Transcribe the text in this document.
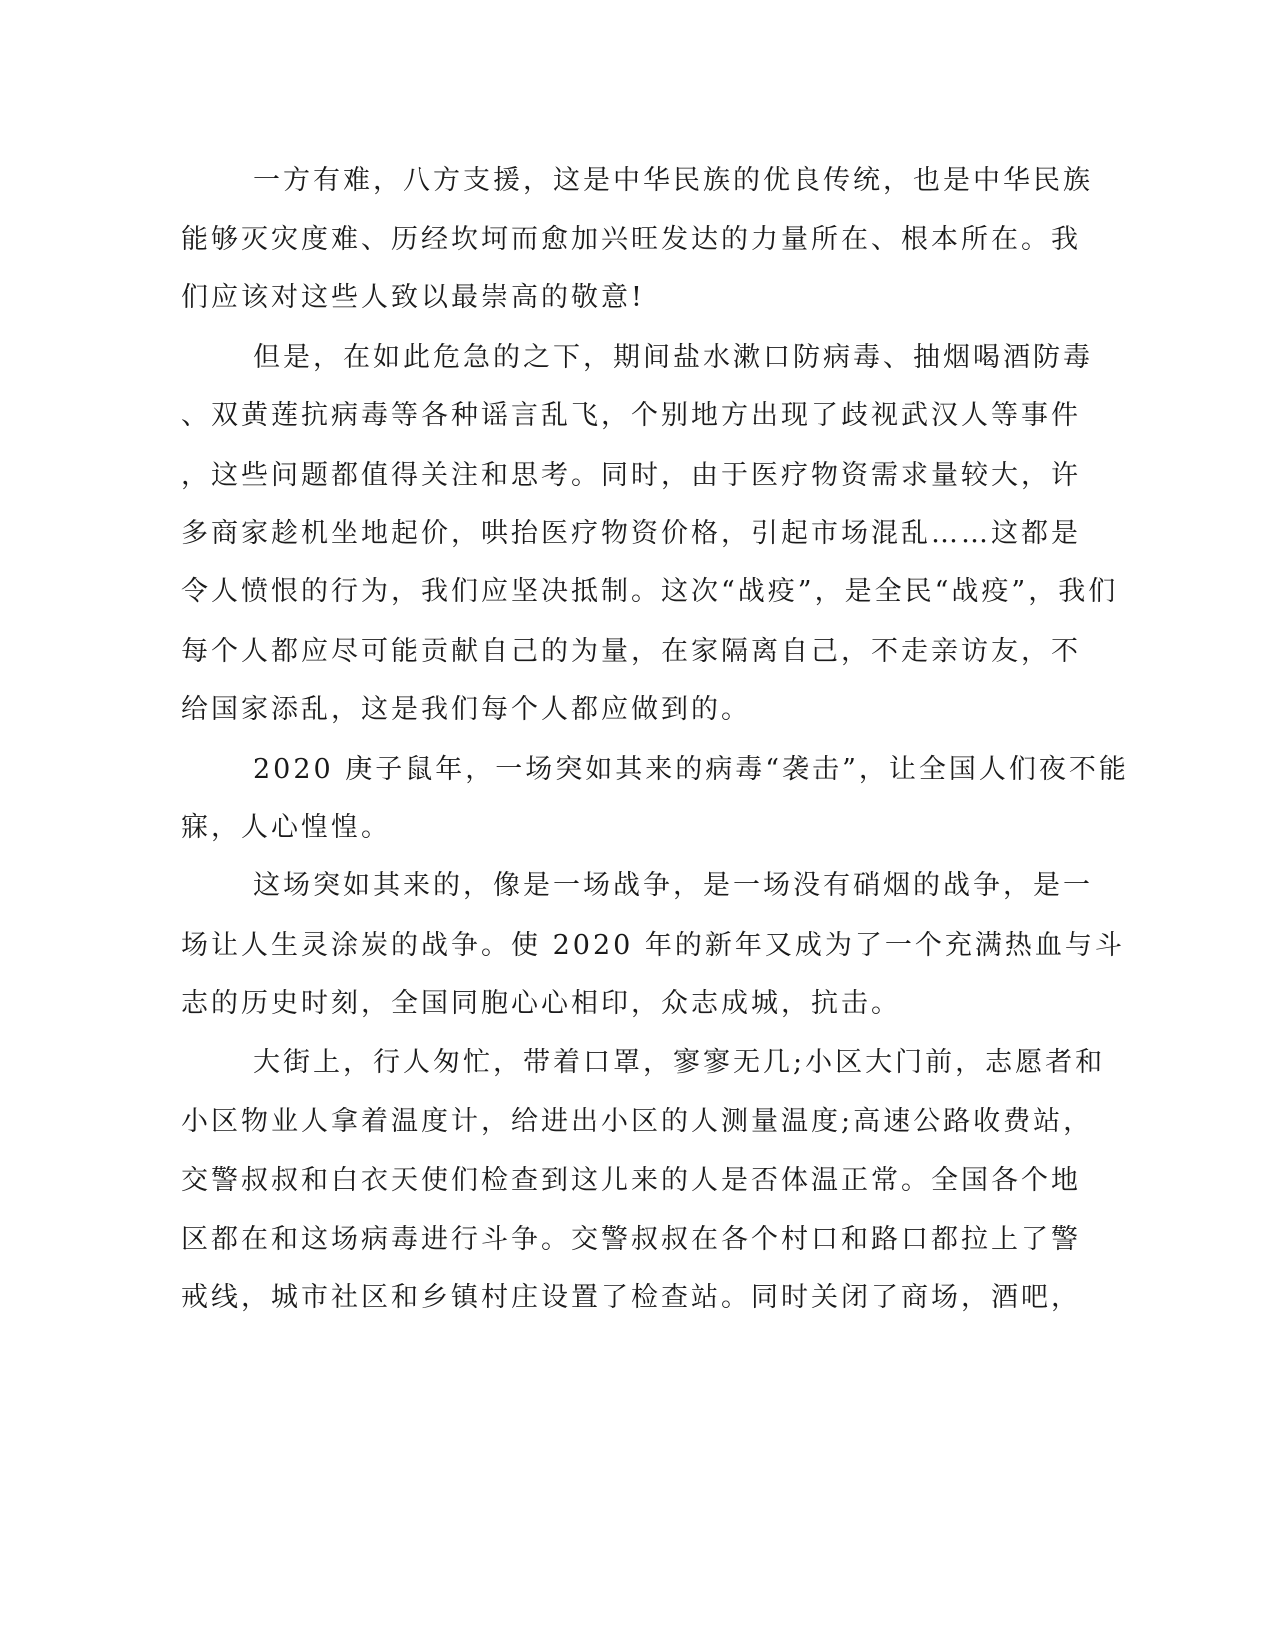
一方有难，八方支援，这是中华民族的优良传统，也是中华民族
能够灭灾度难、历经坎坷而愈加兴旺发达的力量所在、根本所在。我
们应该对这些人致以最崇高的敬意!
但是，在如此危急的之下，期间盐水漱口防病毒、抽烟喝酒防毒
、双黄莲抗病毒等各种谣言乱飞，个别地方出现了歧视武汉人等事件
，这些问题都值得关注和思考。同时，由于医疗物资需求量较大，许
多商家趁机坐地起价，哄抬医疗物资价格，引起市场混乱……这都是
令人愤恨的行为，我们应坚决抵制。这次“战疫”，是全民“战疫”，我们
每个人都应尽可能贡献自己的为量，在家隔离自己，不走亲访友，不
给国家添乱，这是我们每个人都应做到的。
2020 庚子鼠年，一场突如其来的病毒“袭击”，让全国人们夜不能
寐，人心惶惶。
这场突如其来的，像是一场战争，是一场没有硝烟的战争，是一
场让人生灵涂炭的战争。使 2020 年的新年又成为了一个充满热血与斗
志的历史时刻，全国同胞心心相印，众志成城，抗击。
大街上，行人匆忙，带着口罩，寥寥无几;小区大门前，志愿者和
小区物业人拿着温度计，给进出小区的人测量温度;高速公路收费站，
交警叔叔和白衣天使们检查到这儿来的人是否体温正常。全国各个地
区都在和这场病毒进行斗争。交警叔叔在各个村口和路口都拉上了警
戒线，城市社区和乡镇村庄设置了检查站。同时关闭了商场，酒吧，
